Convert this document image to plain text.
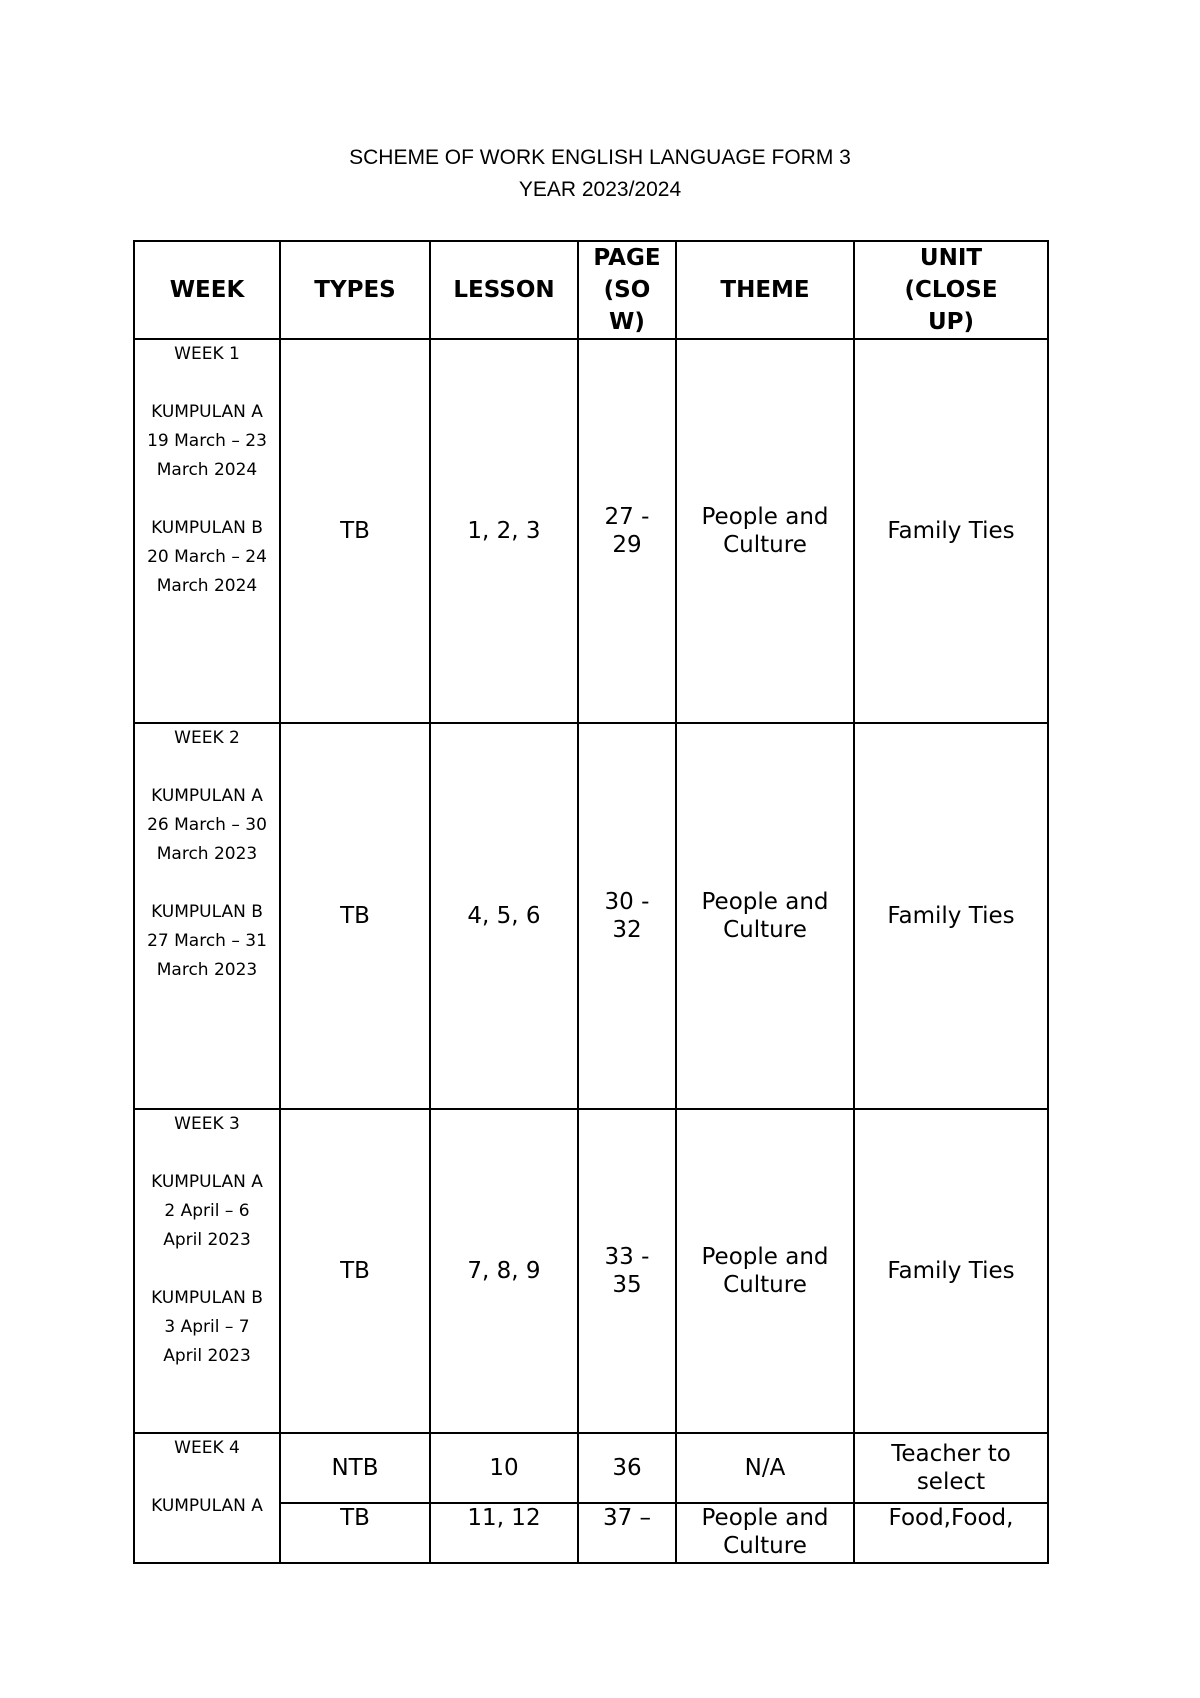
SCHEME OF WORK ENGLISH LANGUAGE FORM 3
YEAR 2023/2024
WEEK	TYPES	LESSON	PAGE (SO W)	THEME	UNIT (CLOSE UP)

WEEK 1
KUMPULAN A
19 March – 23 March 2024
KUMPULAN B
20 March – 24 March 2024	TB	1, 2, 3	27 - 29	People and Culture	Family Ties

WEEK 2
KUMPULAN A
26 March – 30 March 2023
KUMPULAN B
27 March – 31 March 2023	TB	4, 5, 6	30 - 32	People and Culture	Family Ties

WEEK 3
KUMPULAN A
2 April – 6 April 2023
KUMPULAN B
3 April – 7 April 2023	TB	7, 8, 9	33 - 35	People and Culture	Family Ties

WEEK 4
KUMPULAN A	NTB	10	36	N/A	Teacher to select
	TB	11, 12	37 –	People and Culture	Food,Food,
